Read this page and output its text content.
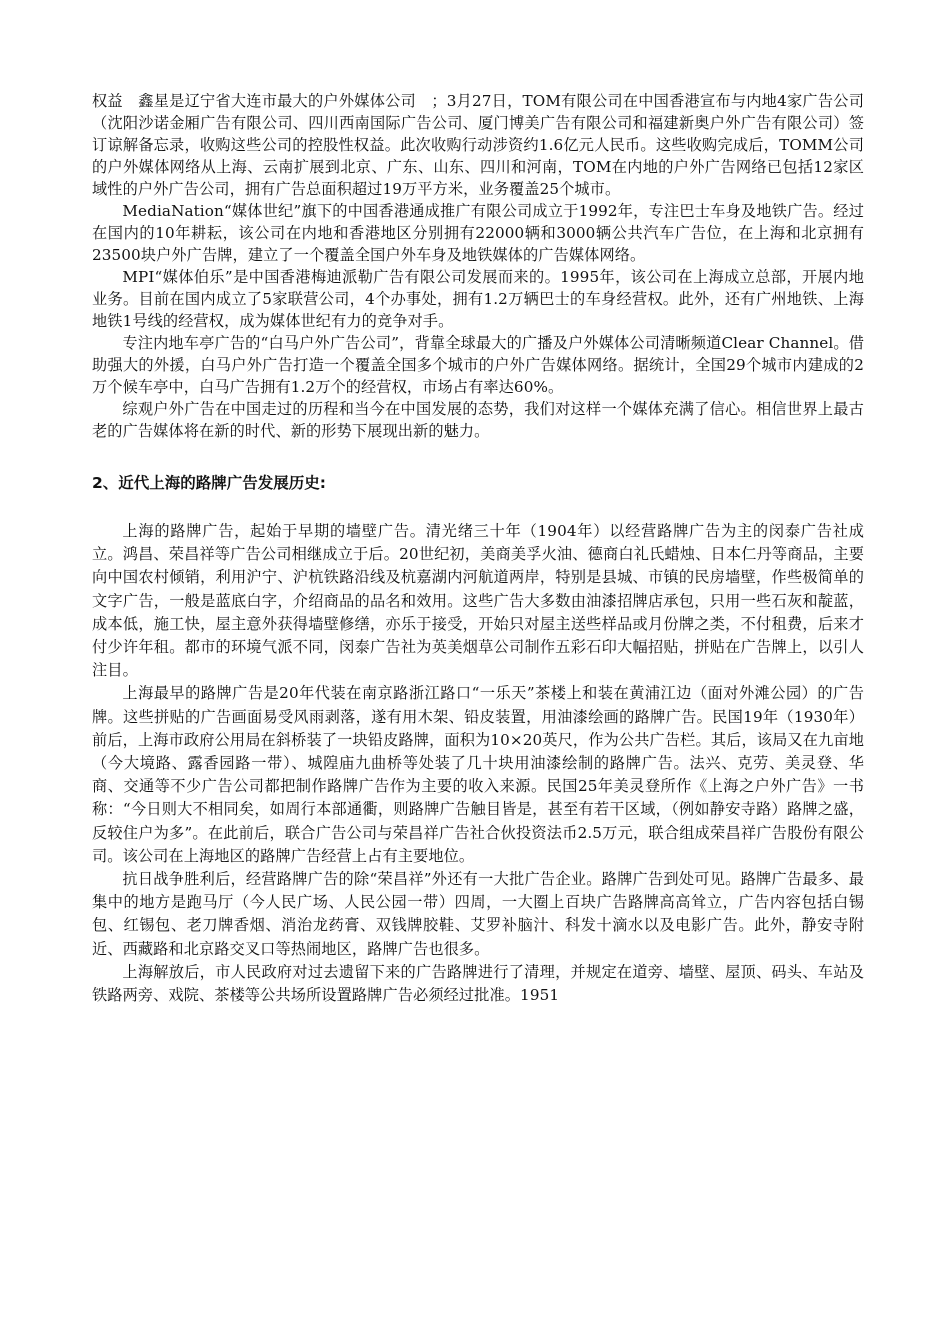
权益　鑫星是辽宁省大连市最大的户外媒体公司　；3月27日，TOM有限公司在中国香港宣布与内地4家广告公司（沈阳沙诺金厢广告有限公司、四川西南国际广告公司、厦门博美广告有限公司和福建新奥户外广告有限公司）签订谅解备忘录，收购这些公司的控股性权益。此次收购行动涉资约1.6亿元人民币。这些收购完成后，TOMM公司的户外媒体网络从上海、云南扩展到北京、广东、山东、四川和河南，TOM在内地的户外广告网络已包括12家区域性的户外广告公司，拥有广告总面积超过19万平方米，业务覆盖25个城市。

MediaNation“媒体世纪”旗下的中国香港通成推广有限公司成立于1992年，专注巴士车身及地铁广告。经过在国内的10年耕耘，该公司在内地和香港地区分别拥有22000辆和3000辆公共汽车广告位，在上海和北京拥有23500块户外广告牌，建立了一个覆盖全国户外车身及地铁媒体的广告媒体网络。

MPI“媒体伯乐”是中国香港梅迪派勒广告有限公司发展而来的。1995年，该公司在上海成立总部，开展内地业务。目前在国内成立了5家联营公司，4个办事处，拥有1.2万辆巴士的车身经营权。此外，还有广州地铁、上海地铁1号线的经营权，成为媒体世纪有力的竞争对手。

专注内地车亭广告的“白马户外广告公司”，背靠全球最大的广播及户外媒体公司清晰频道Clear Channel。借助强大的外援，白马户外广告打造一个覆盖全国多个城市的户外广告媒体网络。据统计，全国29个城市内建成的2万个候车亭中，白马广告拥有1.2万个的经营权，市场占有率达60%。

综观户外广告在中国走过的历程和当今在中国发展的态势，我们对这样一个媒体充满了信心。相信世界上最古老的广告媒体将在新的时代、新的形势下展现出新的魅力。

2、近代上海的路牌广告发展历史:

上海的路牌广告，起始于早期的墙壁广告。清光绪三十年（1904年）以经营路牌广告为主的闵泰广告社成立。鸿昌、荣昌祥等广告公司相继成立于后。20世纪初，美商美孚火油、德商白礼氏蜡烛、日本仁丹等商品，主要向中国农村倾销，利用沪宁、沪杭铁路沿线及杭嘉湖内河航道两岸，特别是县城、市镇的民房墙壁，作些极简单的文字广告，一般是蓝底白字，介绍商品的品名和效用。这些广告大多数由油漆招牌店承包，只用一些石灰和靛蓝，成本低，施工快，屋主意外获得墙壁修缮，亦乐于接受，开始只对屋主送些样品或月份牌之类，不付租费，后来才付少许年租。都市的环境气派不同，闵泰广告社为英美烟草公司制作五彩石印大幅招贴，拼贴在广告牌上，以引人注目。

上海最早的路牌广告是20年代装在南京路浙江路口“一乐天”茶楼上和装在黄浦江边（面对外滩公园）的广告牌。这些拼贴的广告画面易受风雨剥落，遂有用木架、铅皮装置，用油漆绘画的路牌广告。民国19年（1930年）前后，上海市政府公用局在斜桥装了一块铅皮路牌，面积为10×20英尺，作为公共广告栏。其后，该局又在九亩地（今大境路、露香园路一带）、城隍庙九曲桥等处装了几十块用油漆绘制的路牌广告。法兴、克劳、美灵登、华商、交通等不少广告公司都把制作路牌广告作为主要的收入来源。民国25年美灵登所作《上海之户外广告》一书称：“今日则大不相同矣，如周行本部通衢，则路牌广告触目皆是，甚至有若干区域，（例如静安寺路）路牌之盛，反较住户为多”。在此前后，联合广告公司与荣昌祥广告社合伙投资法币2.5万元，联合组成荣昌祥广告股份有限公司。该公司在上海地区的路牌广告经营上占有主要地位。

抗日战争胜利后，经营路牌广告的除“荣昌祥”外还有一大批广告企业。路牌广告到处可见。路牌广告最多、最集中的地方是跑马厅（今人民广场、人民公园一带）四周，一大圈上百块广告路牌高高耸立，广告内容包括白锡包、红锡包、老刀牌香烟、消治龙药膏、双钱牌胶鞋、艾罗补脑汁、科发十滴水以及电影广告。此外，静安寺附近、西藏路和北京路交叉口等热闹地区，路牌广告也很多。

上海解放后，市人民政府对过去遗留下来的广告路牌进行了清理，并规定在道旁、墙壁、屋顶、码头、车站及铁路两旁、戏院、茶楼等公共场所设置路牌广告必须经过批准。1951
